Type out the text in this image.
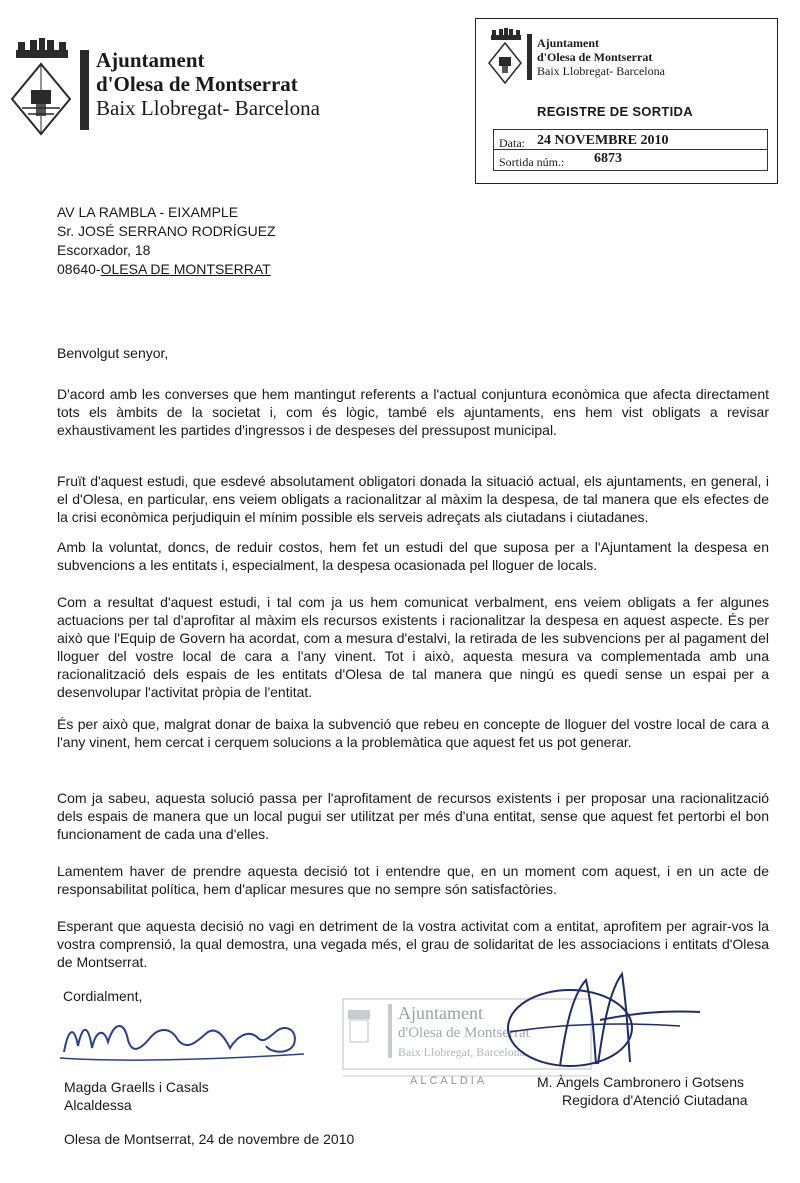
Ajuntament
d'Olesa de Montserrat
Baix Llobregat- Barcelona
Ajuntament
d'Olesa de Montserrat
Baix Llobregat- Barcelona
REGISTRE DE SORTIDA
Data: 24 NOVEMBRE 2010
Sortida núm.: 6873
AV LA RAMBLA - EIXAMPLE
Sr. JOSÉ SERRANO RODRÍGUEZ
Escorxador, 18
08640-OLESA DE MONTSERRAT
Benvolgut senyor,

D'acord amb les converses que hem mantingut referents a l'actual conjuntura econòmica que afecta directament tots els àmbits de la societat i, com és lògic, també els ajuntaments, ens hem vist obligats a revisar exhaustivament les partides d'ingressos i de despeses del pressupost municipal.

Fruït d'aquest estudi, que esdevé absolutament obligatori donada la situació actual, els ajuntaments, en general, i el d'Olesa, en particular, ens veiem obligats a racionalitzar al màxim la despesa, de tal manera que els efectes de la crisi econòmica perjudiquin el mínim possible els serveis adreçats als ciutadans i ciutadanes.

Amb la voluntat, doncs, de reduir costos, hem fet un estudi del que suposa per a l'Ajuntament la despesa en subvencions a les entitats i, especialment, la despesa ocasionada pel lloguer de locals.

Com a resultat d'aquest estudi, i tal com ja us hem comunicat verbalment, ens veiem obligats a fer algunes actuacions per tal d'aprofitar al màxim els recursos existents i racionalitzar la despesa en aquest aspecte. És per això que l'Equip de Govern ha acordat, com a mesura d'estalvi, la retirada de les subvencions per al pagament del lloguer del vostre local de cara a l'any vinent. Tot i això, aquesta mesura va complementada amb una racionalització dels espais de les entitats d'Olesa de tal manera que ningú es quedi sense un espai per a desenvolupar l'activitat pròpia de l'entitat.

És per això que, malgrat donar de baixa la subvenció que rebeu en concepte de lloguer del vostre local de cara a l'any vinent, hem cercat i cerquem solucions a la problemàtica que aquest fet us pot generar.

Com ja sabeu, aquesta solució passa per l'aprofitament de recursos existents i per proposar una racionalització dels espais de manera que un local pugui ser utilitzat per més d'una entitat, sense que aquest fet pertorbi el bon funcionament de cada una d'elles.

Lamentem haver de prendre aquesta decisió tot i entendre que, en un moment com aquest, i en un acte de responsabilitat política, hem d'aplicar mesures que no sempre són satisfactòries.

Esperant que aquesta decisió no vagi en detriment de la vostra activitat com a entitat, aprofitem per agrair-vos la vostra comprensió, la qual demostra, una vegada més, el grau de solidaritat de les associacions i entitats d'Olesa de Montserrat.

Cordialment,
Magda Graells i Casals
Alcaldessa
Ajuntament
d'Olesa de Montserrat
Baix Llobregat, Barcelona
ALCALDIA	M. Àngels Cambronero i Gotsens
Regidora d'Atenció Ciutadana
Olesa de Montserrat, 24 de novembre de 2010
